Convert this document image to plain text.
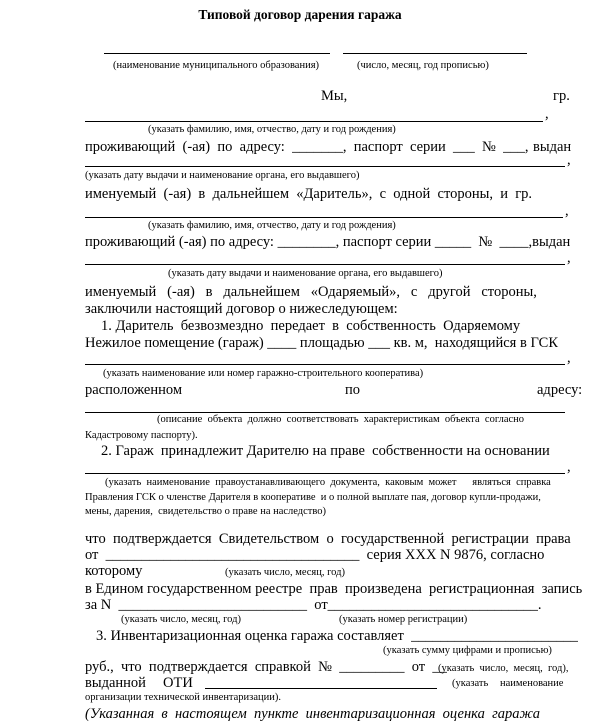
Типовой договор дарения гаража
(наименование муниципального образования)	(число, месяц, год прописью)
Мы,	гр.
,
(указать фамилию, имя, отчество, дату и год рождения)
проживающий  (-ая)  по  адресу:  _______,  паспорт  серии  ___  №  ___, выдан
,
(указать дату выдачи и наименование органа, его выдавшего)
именуемый  (-ая)  в  дальнейшем  «Даритель»,  с  одной  стороны,  и  гр.
,
(указать фамилию, имя, отчество, дату и год рождения)
проживающий (-ая) по адресу: ________, паспорт серии _____  №  ____,выдан
,
(указать дату выдачи и наименование органа, его выдавшего)
именуемый   (-ая)   в   дальнейшем   «Одаряемый»,   с   другой   стороны,
заключили настоящий договор о нижеследующем:
1. Даритель  безвозмездно  передает  в  собственность  Одаряемому
Нежилое помещение (гараж) ____ площадью ___ кв. м,  находящийся в ГСК
,
(указать наименование или номер гаражно-строительного кооператива)
расположенном	по	адресу:
(описание  объекта  должно  соответствовать  характеристикам  объекта  согласно
Кадастровому паспорту).
2. Гараж  принадлежит Дарителю на праве  собственности на основании
,
(указать  наименование  правоустанавливающего  документа,  каковым  может      являться  справка
Правления ГСК о членстве Дарителя в кооперативе  и о полной выплате пая, договор купли-продажи,
мены, дарения,  свидетельство о праве на наследство)
что  подтверждается  Свидетельством  о  государственной  регистрации  права
от  ___________________________________  серия XXX N 9876, согласно
которому	(указать число, месяц, год)
в Едином государственном реестре  прав  произведена  регистрационная  запись
за N  __________________________  от_____________________________.
(указать число, месяц, год)	(указать номер регистрации)
3. Инвентаризационная оценка гаража составляет  _______________________
(указать сумму цифрами и прописью)
руб.,  что  подтверждается  справкой  №  _________  от  __
(указать  число,  месяц,  год),
выданной ОТИ	(указать наименование
организации технической инвентаризации).
(Указанная  в  настоящем  пункте  инвентаризационная  оценка  гаража
